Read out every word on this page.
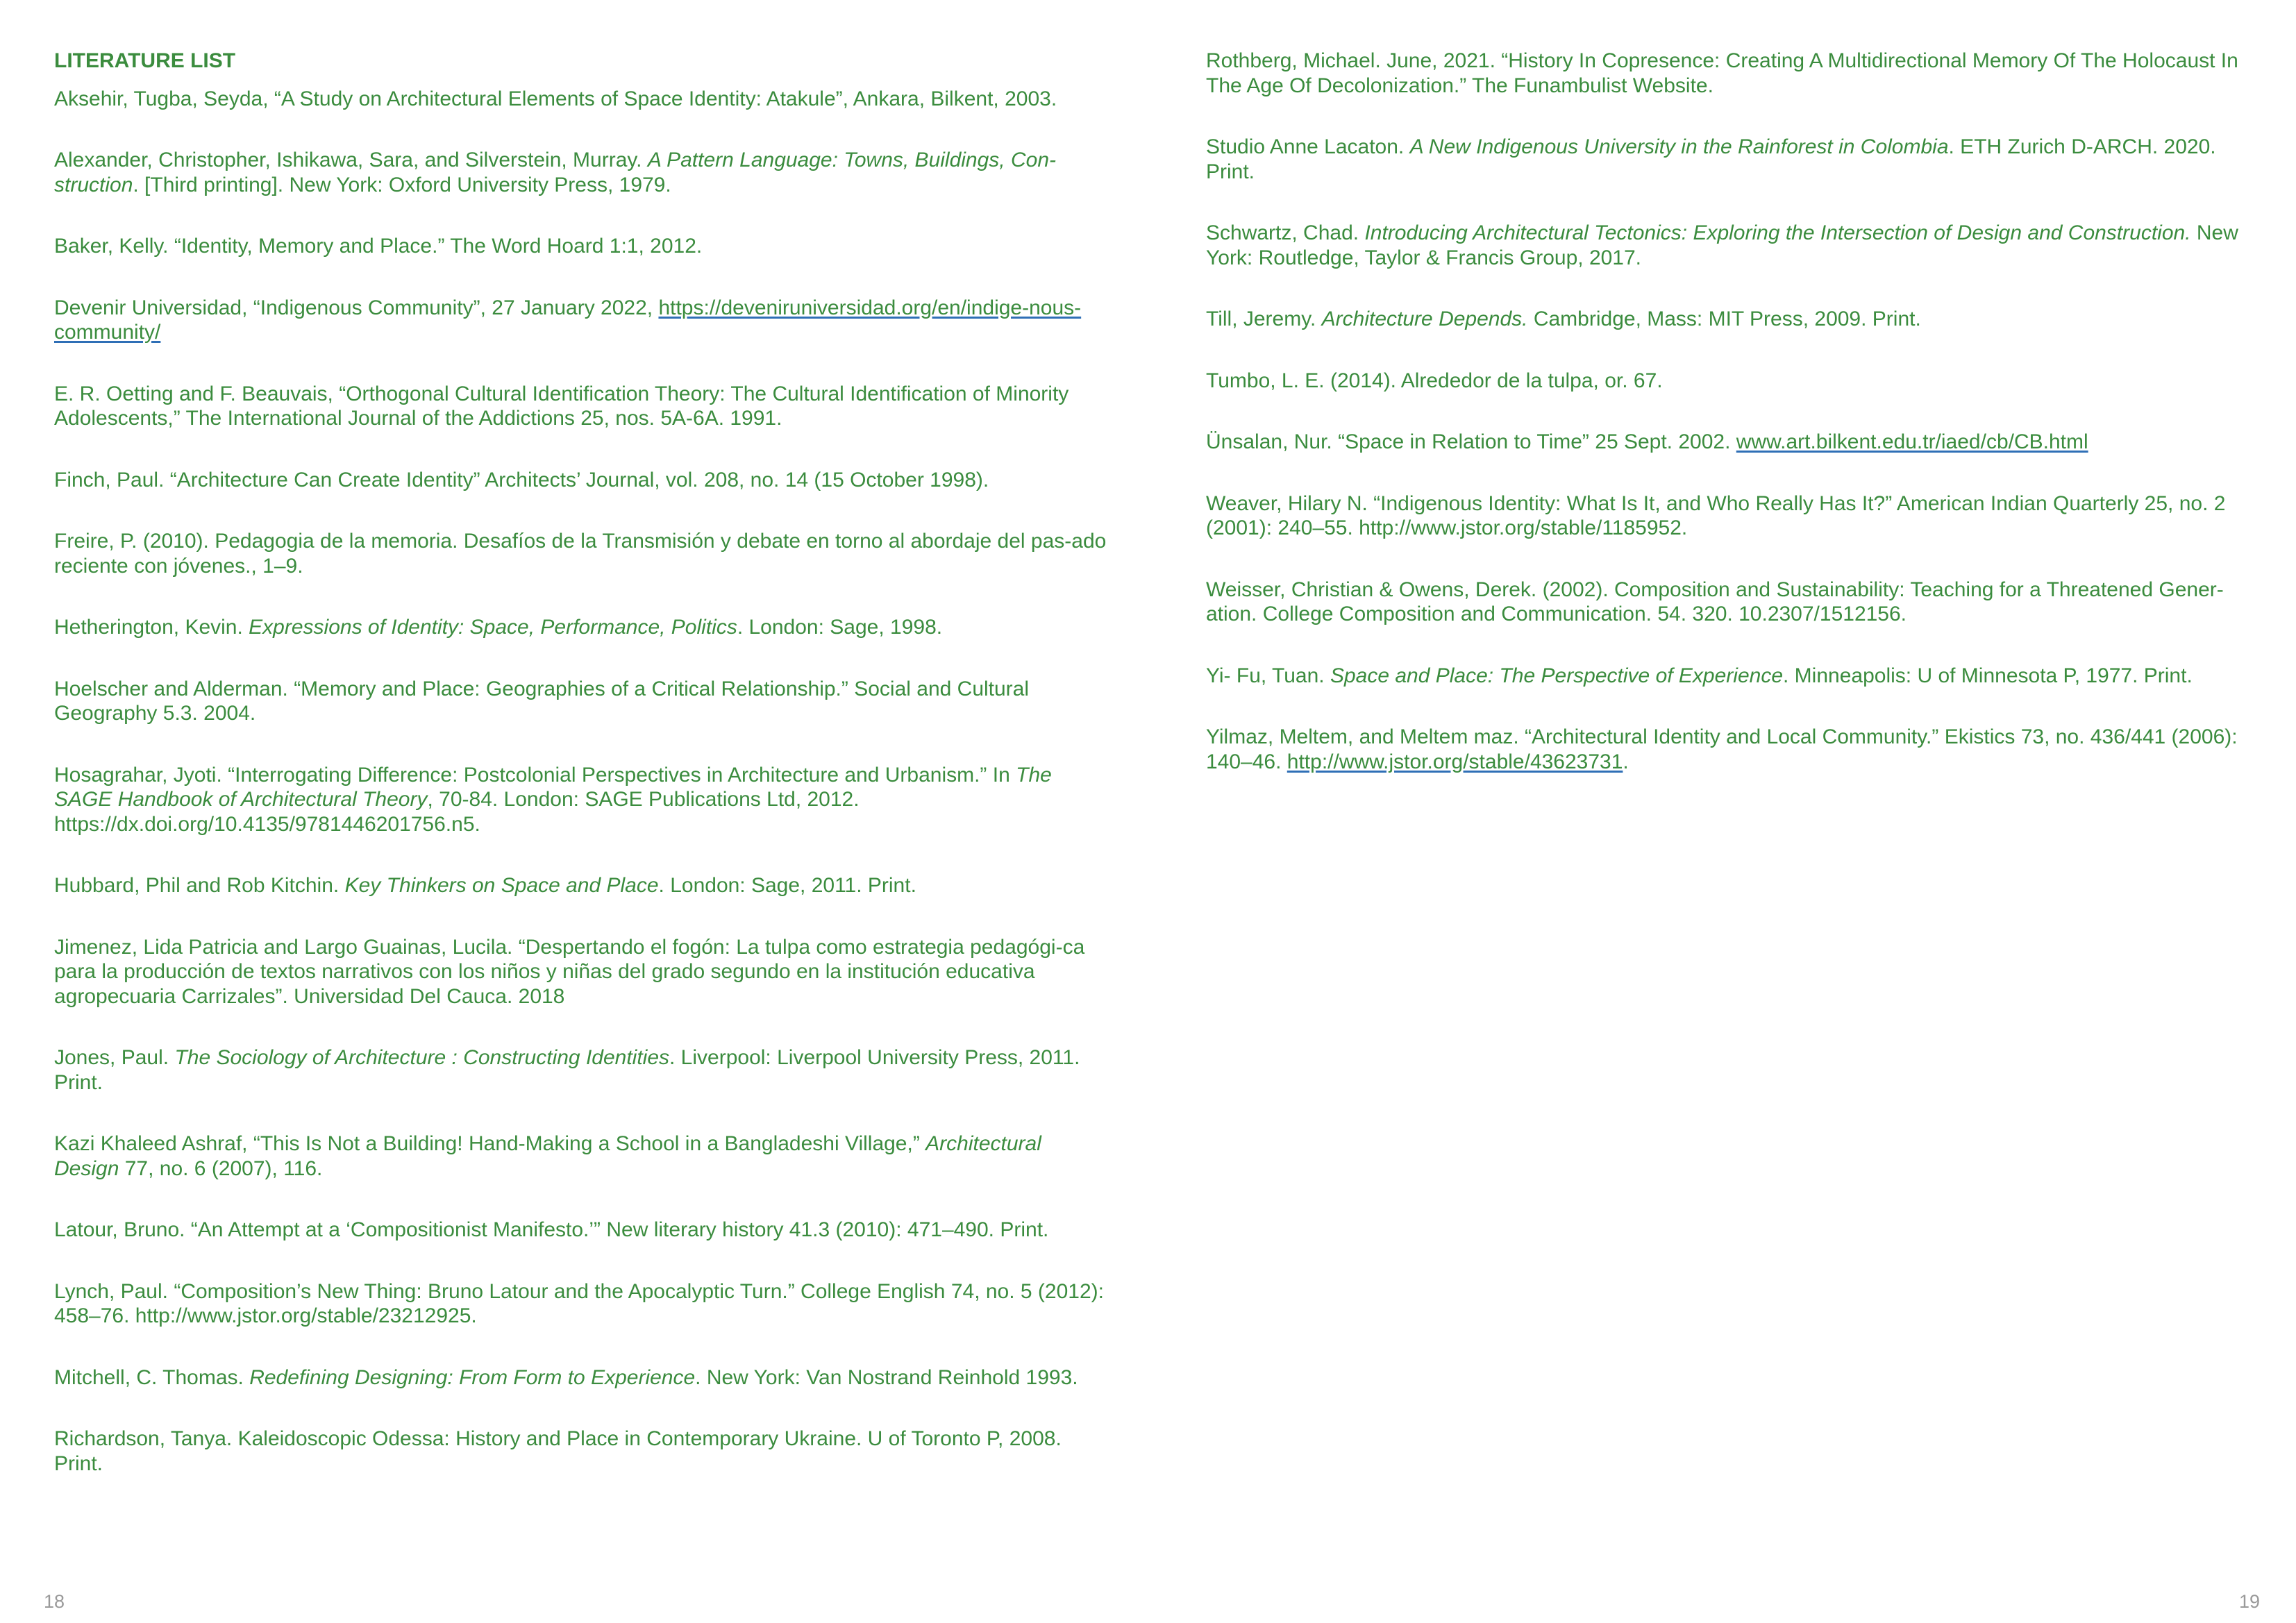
LITERATURE LIST
Aksehir, Tugba, Seyda, “A Study on Architectural Elements of Space Identity: Atakule”, Ankara, Bilkent, 2003.
Alexander, Christopher, Ishikawa, Sara, and Silverstein, Murray. A Pattern Language: Towns, Buildings, Con-struction. [Third printing]. New York: Oxford University Press, 1979.
Baker, Kelly. “Identity, Memory and Place.” The Word Hoard 1:1, 2012.
Devenir Universidad, “Indigenous Community”, 27 January 2022, https://deveniruniversidad.org/en/indige-nous-community/
E. R. Oetting and F. Beauvais, “Orthogonal Cultural Identification Theory: The Cultural Identification of Minority Adolescents,” The International Journal of the Addictions 25, nos. 5A-6A. 1991.
Finch, Paul. “Architecture Can Create Identity” Architects’ Journal, vol. 208, no. 14 (15 October 1998).
Freire, P. (2010). Pedagogia de la memoria. Desafíos de la Transmisión y debate en torno al abordaje del pas-ado reciente con jóvenes., 1–9.
Hetherington, Kevin. Expressions of Identity: Space, Performance, Politics. London: Sage, 1998.
Hoelscher and Alderman. “Memory and Place: Geographies of a Critical Relationship.” Social and Cultural Geography 5.3. 2004.
Hosagrahar, Jyoti. “Interrogating Difference: Postcolonial Perspectives in Architecture and Urbanism.” In The SAGE Handbook of Architectural Theory, 70-84. London: SAGE Publications Ltd, 2012. https://dx.doi.org/10.4135/9781446201756.n5.
Hubbard, Phil and Rob Kitchin. Key Thinkers on Space and Place. London: Sage, 2011. Print.
Jimenez, Lida Patricia and Largo Guainas, Lucila. “Despertando el fogón: La tulpa como estrategia pedagógi-ca para la producción de textos narrativos con los niños y niñas del grado segundo en la institución educativa agropecuaria Carrizales”. Universidad Del Cauca. 2018
Jones, Paul. The Sociology of Architecture : Constructing Identities. Liverpool: Liverpool University Press, 2011. Print.
Kazi Khaleed Ashraf, “This Is Not a Building! Hand-Making a School in a Bangladeshi Village,” Architectural Design 77, no. 6 (2007), 116.
Latour, Bruno. “An Attempt at a ‘Compositionist Manifesto.’” New literary history 41.3 (2010): 471–490. Print.
Lynch, Paul. “Composition’s New Thing: Bruno Latour and the Apocalyptic Turn.” College English 74, no. 5 (2012): 458–76. http://www.jstor.org/stable/23212925.
Mitchell, C. Thomas. Redefining Designing: From Form to Experience. New York: Van Nostrand Reinhold 1993.
Richardson, Tanya. Kaleidoscopic Odessa: History and Place in Contemporary Ukraine. U of Toronto P, 2008. Print.
Rothberg, Michael. June, 2021. “History In Copresence: Creating A Multidirectional Memory Of The Holocaust In The Age Of Decolonization.” The Funambulist Website.
Studio Anne Lacaton. A New Indigenous University in the Rainforest in Colombia. ETH Zurich D-ARCH. 2020. Print.
Schwartz, Chad. Introducing Architectural Tectonics: Exploring the Intersection of Design and Construction. New York: Routledge, Taylor & Francis Group, 2017.
Till, Jeremy. Architecture Depends. Cambridge, Mass: MIT Press, 2009. Print.
Tumbo, L. E. (2014). Alrededor de la tulpa, or. 67.
Ünsalan, Nur. “Space in Relation to Time” 25 Sept. 2002. www.art.bilkent.edu.tr/iaed/cb/CB.html
Weaver, Hilary N. “Indigenous Identity: What Is It, and Who Really Has It?” American Indian Quarterly 25, no. 2 (2001): 240–55. http://www.jstor.org/stable/1185952.
Weisser, Christian & Owens, Derek. (2002). Composition and Sustainability: Teaching for a Threatened Gener-ation. College Composition and Communication. 54. 320. 10.2307/1512156.
Yi- Fu, Tuan. Space and Place: The Perspective of Experience. Minneapolis: U of Minnesota P, 1977. Print.
Yilmaz, Meltem, and Meltem maz. “Architectural Identity and Local Community.” Ekistics 73, no. 436/441 (2006): 140–46. http://www.jstor.org/stable/43623731.
18	19
